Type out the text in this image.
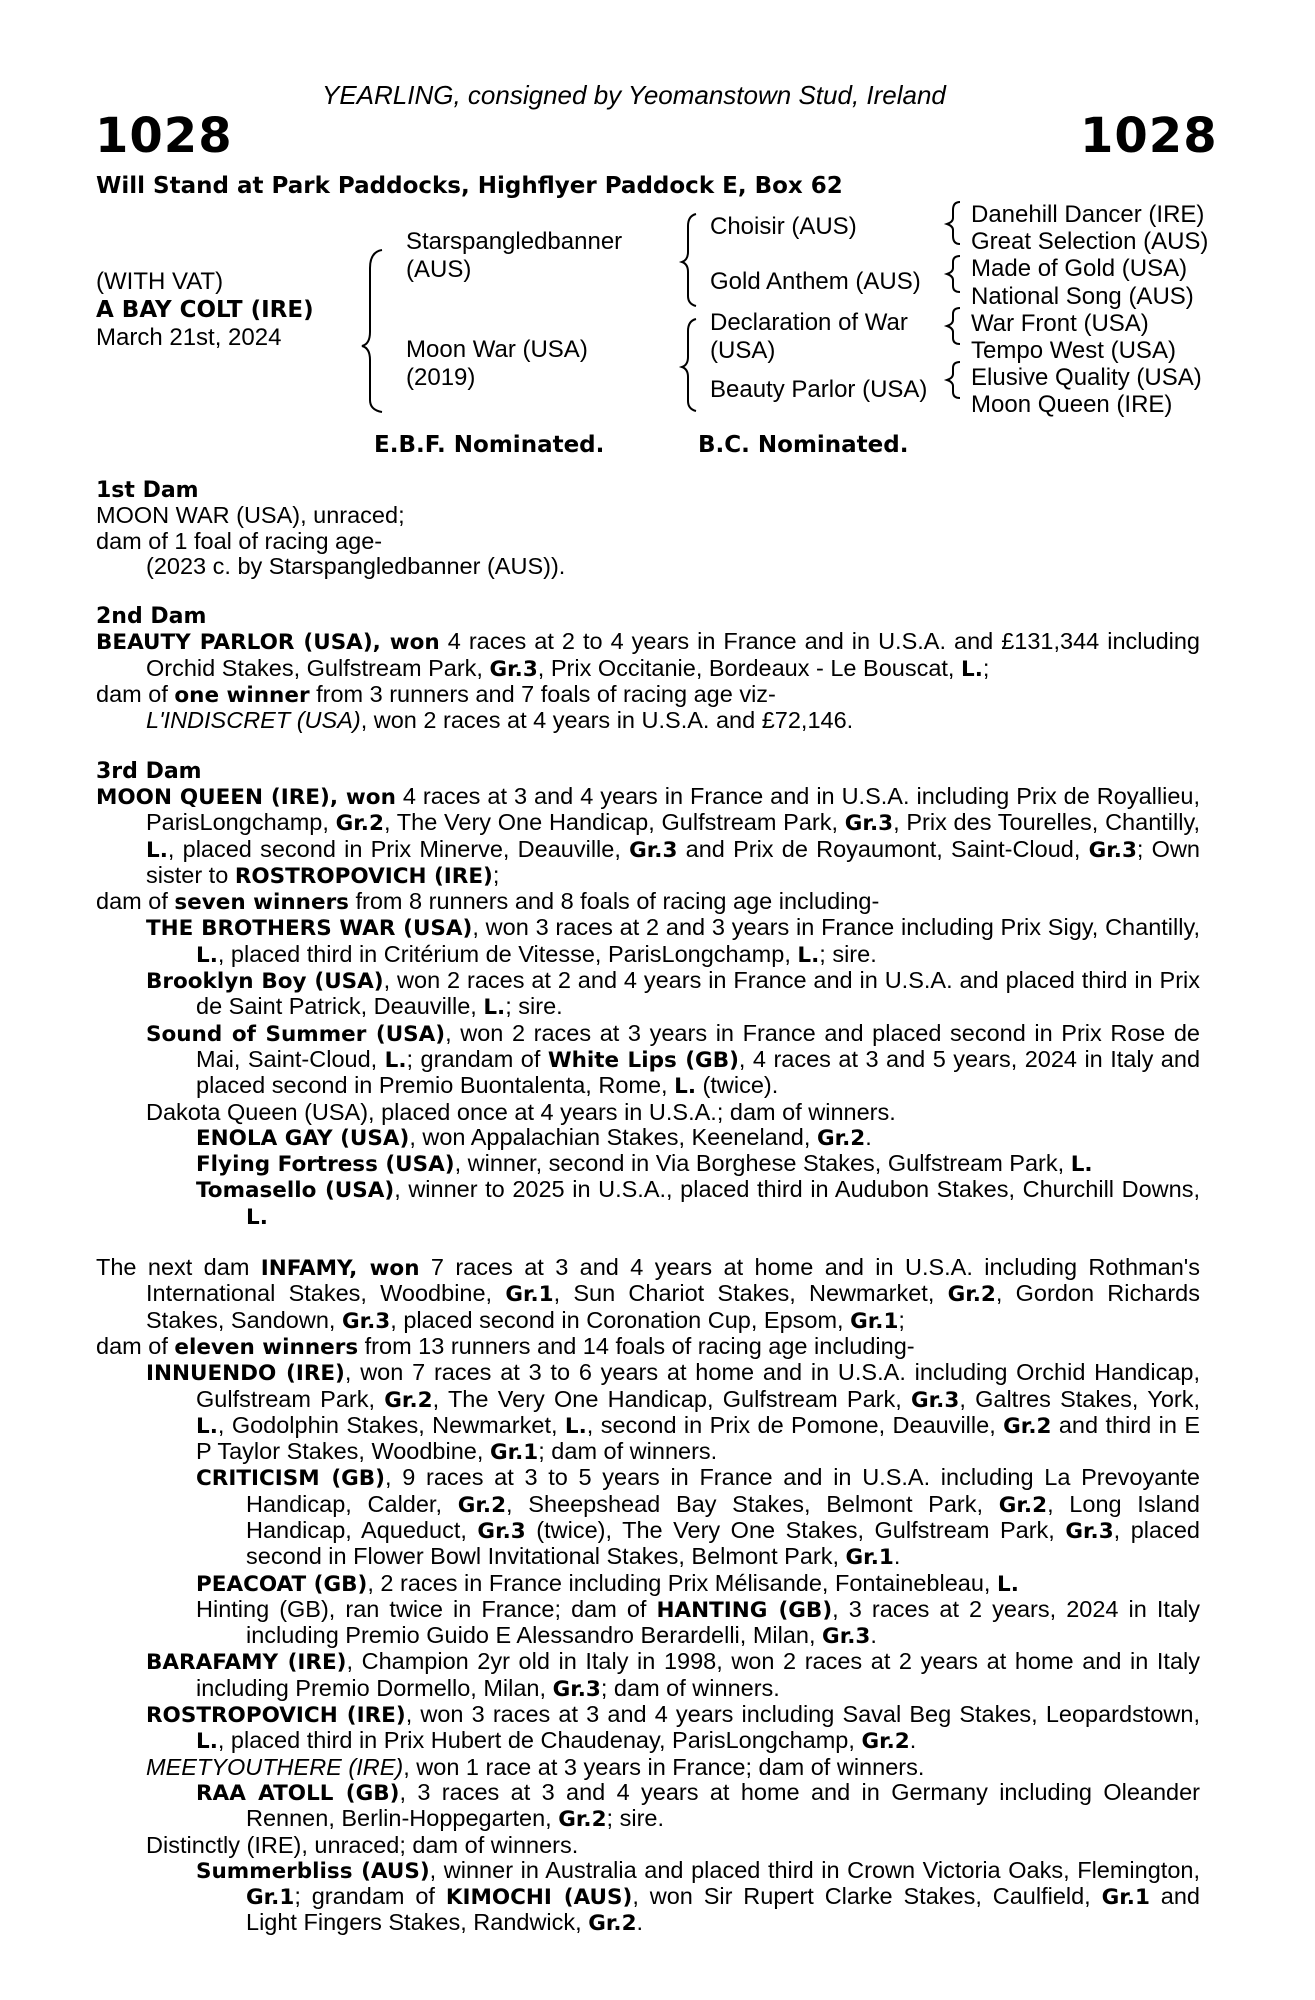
YEARLING, consigned by Yeomanstown Stud, Ireland
1028	1028
Will Stand at Park Paddocks, Highflyer Paddock E, Box 62
(WITH VAT)
A BAY COLT (IRE)
March 21st, 2024
Starspangledbanner
(AUS)
Moon War (USA)
(2019)
Choisir (AUS)
Gold Anthem (AUS)
Declaration of War
(USA)
Beauty Parlor (USA)
Danehill Dancer (IRE)
Great Selection (AUS)
Made of Gold (USA)
National Song (AUS)
War Front (USA)
Tempo West (USA)
Elusive Quality (USA)
Moon Queen (IRE)
E.B.F. Nominated.	B.C. Nominated.
1st Dam
MOON WAR (USA), unraced;
dam of 1 foal of racing age-
(2023 c. by Starspangledbanner (AUS)).
2nd Dam
BEAUTY PARLOR (USA), won 4 races at 2 to 4 years in France and in U.S.A. and £131,344 including Orchid Stakes, Gulfstream Park, Gr.3, Prix Occitanie, Bordeaux - Le Bouscat, L.;
dam of one winner from 3 runners and 7 foals of racing age viz-
L'INDISCRET (USA), won 2 races at 4 years in U.S.A. and £72,146.
3rd Dam
MOON QUEEN (IRE), won 4 races at 3 and 4 years in France and in U.S.A. including Prix de Royallieu, ParisLongchamp, Gr.2, The Very One Handicap, Gulfstream Park, Gr.3, Prix des Tourelles, Chantilly, L., placed second in Prix Minerve, Deauville, Gr.3 and Prix de Royaumont, Saint-Cloud, Gr.3; Own sister to ROSTROPOVICH (IRE);
dam of seven winners from 8 runners and 8 foals of racing age including-
THE BROTHERS WAR (USA), won 3 races at 2 and 3 years in France including Prix Sigy, Chantilly, L., placed third in Critérium de Vitesse, ParisLongchamp, L.; sire.
Brooklyn Boy (USA), won 2 races at 2 and 4 years in France and in U.S.A. and placed third in Prix de Saint Patrick, Deauville, L.; sire.
Sound of Summer (USA), won 2 races at 3 years in France and placed second in Prix Rose de Mai, Saint-Cloud, L.; grandam of White Lips (GB), 4 races at 3 and 5 years, 2024 in Italy and placed second in Premio Buontalenta, Rome, L. (twice).
Dakota Queen (USA), placed once at 4 years in U.S.A.; dam of winners.
ENOLA GAY (USA), won Appalachian Stakes, Keeneland, Gr.2.
Flying Fortress (USA), winner, second in Via Borghese Stakes, Gulfstream Park, L.
Tomasello (USA), winner to 2025 in U.S.A., placed third in Audubon Stakes, Churchill Downs, L.
The next dam INFAMY, won 7 races at 3 and 4 years at home and in U.S.A. including Rothman's International Stakes, Woodbine, Gr.1, Sun Chariot Stakes, Newmarket, Gr.2, Gordon Richards Stakes, Sandown, Gr.3, placed second in Coronation Cup, Epsom, Gr.1;
dam of eleven winners from 13 runners and 14 foals of racing age including-
INNUENDO (IRE), won 7 races at 3 to 6 years at home and in U.S.A. including Orchid Handicap, Gulfstream Park, Gr.2, The Very One Handicap, Gulfstream Park, Gr.3, Galtres Stakes, York, L., Godolphin Stakes, Newmarket, L., second in Prix de Pomone, Deauville, Gr.2 and third in E P Taylor Stakes, Woodbine, Gr.1; dam of winners.
CRITICISM (GB), 9 races at 3 to 5 years in France and in U.S.A. including La Prevoyante Handicap, Calder, Gr.2, Sheepshead Bay Stakes, Belmont Park, Gr.2, Long Island Handicap, Aqueduct, Gr.3 (twice), The Very One Stakes, Gulfstream Park, Gr.3, placed second in Flower Bowl Invitational Stakes, Belmont Park, Gr.1.
PEACOAT (GB), 2 races in France including Prix Mélisande, Fontainebleau, L.
Hinting (GB), ran twice in France; dam of HANTING (GB), 3 races at 2 years, 2024 in Italy including Premio Guido E Alessandro Berardelli, Milan, Gr.3.
BARAFAMY (IRE), Champion 2yr old in Italy in 1998, won 2 races at 2 years at home and in Italy including Premio Dormello, Milan, Gr.3; dam of winners.
ROSTROPOVICH (IRE), won 3 races at 3 and 4 years including Saval Beg Stakes, Leopardstown, L., placed third in Prix Hubert de Chaudenay, ParisLongchamp, Gr.2.
MEETYOUTHERE (IRE), won 1 race at 3 years in France; dam of winners.
RAA ATOLL (GB), 3 races at 3 and 4 years at home and in Germany including Oleander Rennen, Berlin-Hoppegarten, Gr.2; sire.
Distinctly (IRE), unraced; dam of winners.
Summerbliss (AUS), winner in Australia and placed third in Crown Victoria Oaks, Flemington, Gr.1; grandam of KIMOCHI (AUS), won Sir Rupert Clarke Stakes, Caulfield, Gr.1 and Light Fingers Stakes, Randwick, Gr.2.
